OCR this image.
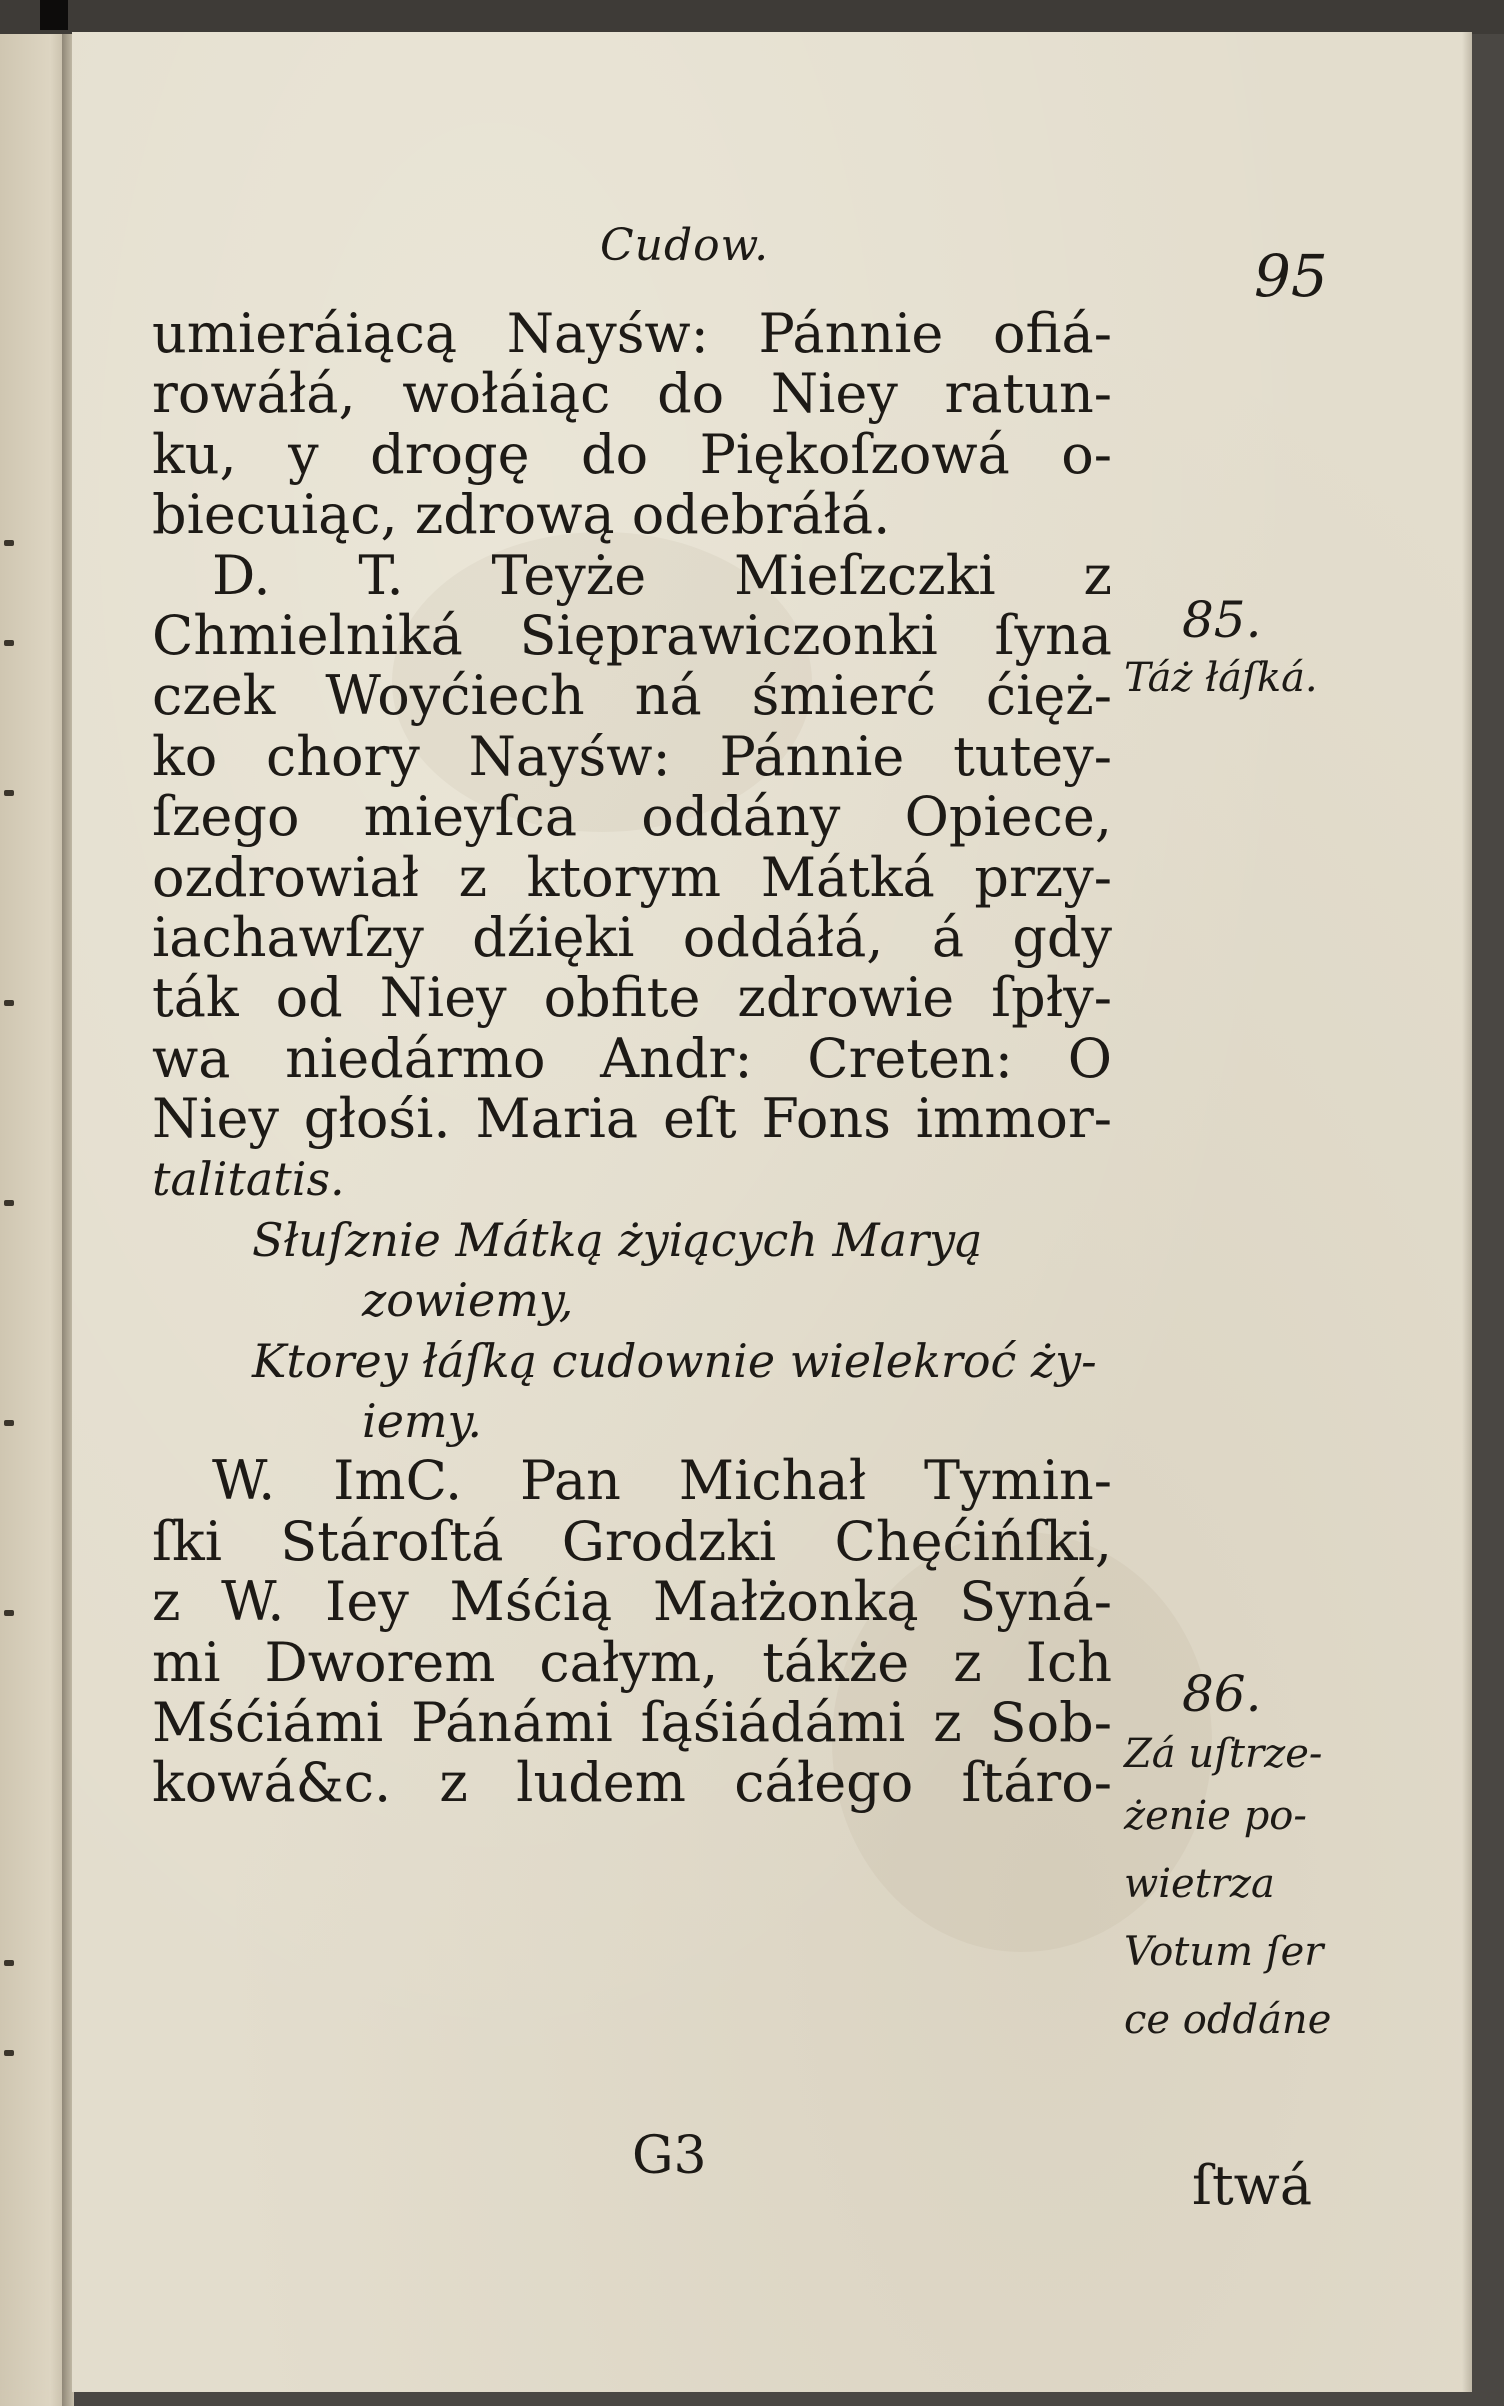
Cudow.	95
umieráiącą Nayśw: Pánnie ofiá-
rowáłá, wołáiąc do Niey ratun-
ku, y drogę do Piękoſzowá o-
biecuiąc, zdrową odebráłá.
D. T. Teyże Mieſzczki z
Chmielniká Sięprawiczonki ſyna
czek Woyćiech ná śmierć ćięż-
ko chory Nayśw: Pánnie tutey-
ſzego mieyſca oddány Opiece,
ozdrowiał z ktorym Mátká przy-
iachawſzy dźięki oddáłá, á gdy
ták od Niey obfite zdrowie ſpły-
wa niedármo Andr: Creten: O
Niey głośi. Maria eſt Fons immor-
talitatis.
Słuſznie Mátką żyiących Maryą
zowiemy,
Ktorey łáſką cudownie wielekroć ży-
iemy.
W. ImC. Pan Michał Tymin-
ſki Stároſtá Grodzki Chęćińſki,
z W. Iey Mśćią Małżonką Syná-
mi Dworem całym, tákże z Ich
Mśćiámi Pánámi ſąśiádámi z Sob-
kowá&c. z ludem cáłego ſtáro-
85.
Táż łáſká.
86.
Zá uſtrze-
żenie po-
wietrza
Votum ſer
ce oddáne
G3	ſtwá
